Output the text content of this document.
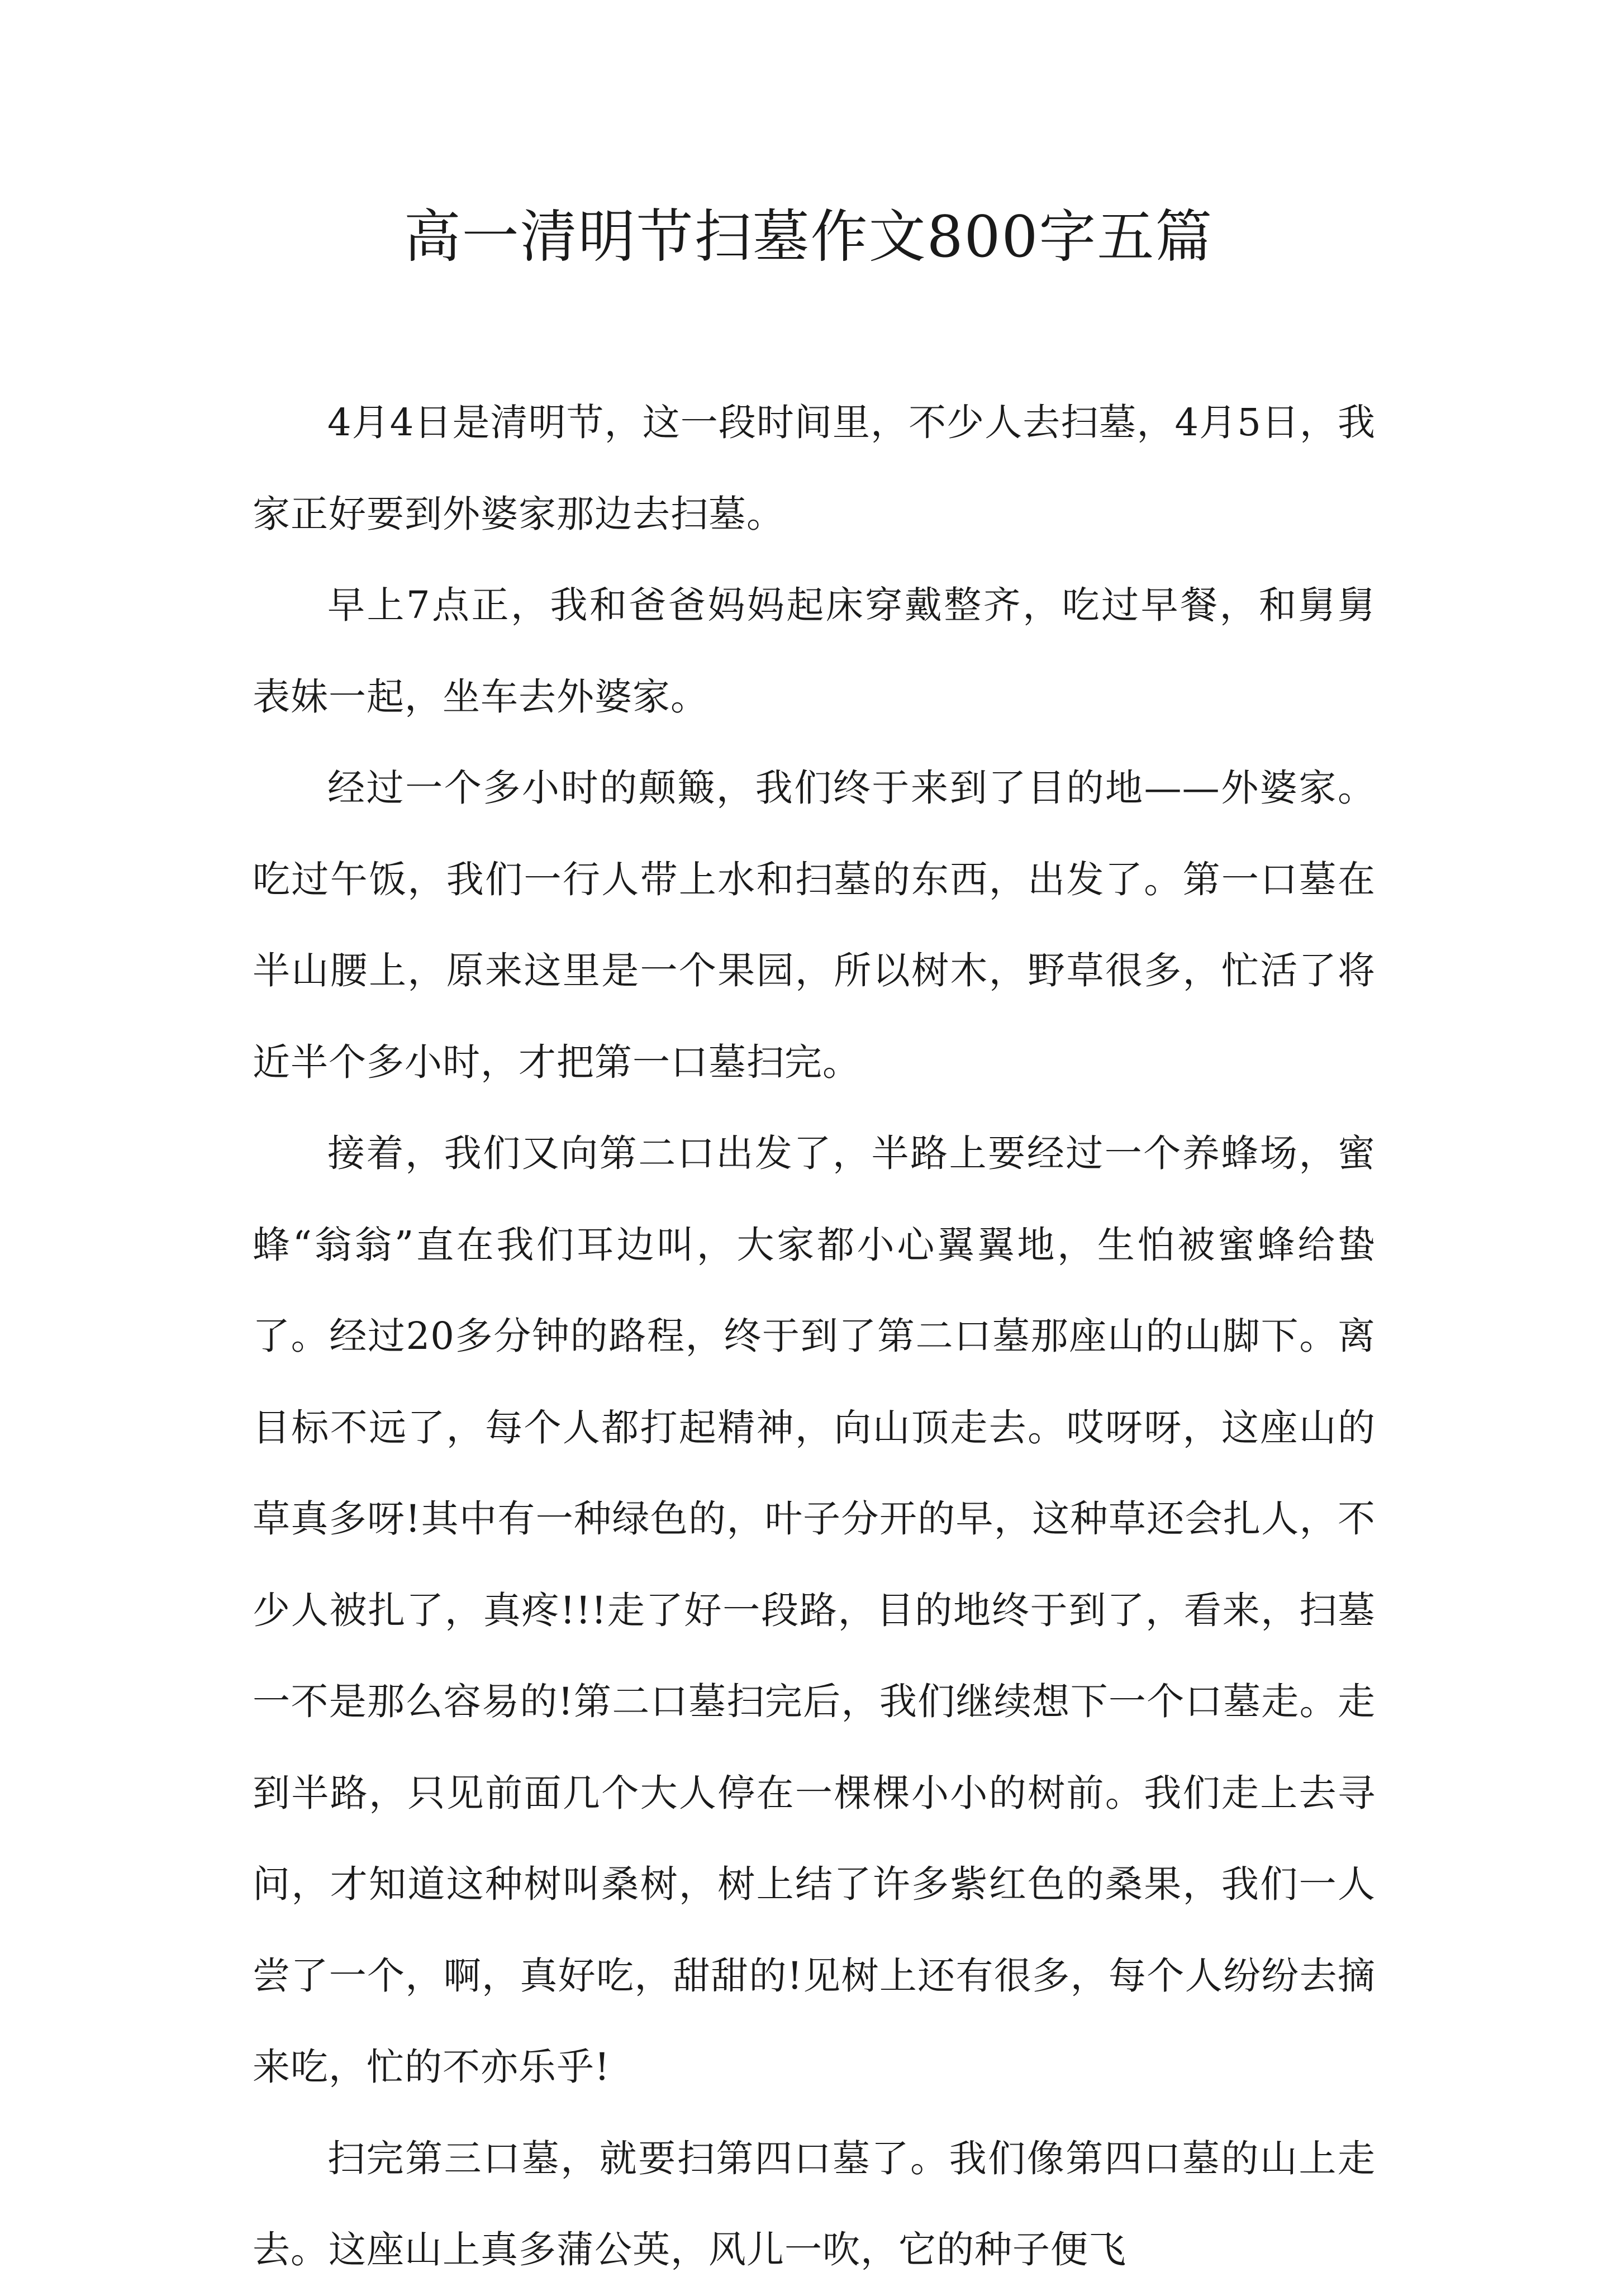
高一清明节扫墓作文800字五篇

4月4日是清明节，这一段时间里，不少人去扫墓，4月5日，我家正好要到外婆家那边去扫墓。

早上7点正，我和爸爸妈妈起床穿戴整齐，吃过早餐，和舅舅表妹一起，坐车去外婆家。

经过一个多小时的颠簸，我们终于来到了目的地——外婆家。吃过午饭，我们一行人带上水和扫墓的东西，出发了。第一口墓在半山腰上，原来这里是一个果园，所以树木，野草很多，忙活了将近半个多小时，才把第一口墓扫完。

接着，我们又向第二口出发了，半路上要经过一个养蜂场，蜜蜂“翁翁”直在我们耳边叫，大家都小心翼翼地，生怕被蜜蜂给蛰了。经过20多分钟的路程，终于到了第二口墓那座山的山脚下。离目标不远了，每个人都打起精神，向山顶走去。哎呀呀，这座山的草真多呀!其中有一种绿色的，叶子分开的早，这种草还会扎人，不少人被扎了，真疼!!!走了好一段路，目的地终于到了，看来，扫墓一不是那么容易的!第二口墓扫完后，我们继续想下一个口墓走。走到半路，只见前面几个大人停在一棵棵小小的树前。我们走上去寻问，才知道这种树叫桑树，树上结了许多紫红色的桑果，我们一人尝了一个，啊，真好吃，甜甜的!见树上还有很多，每个人纷纷去摘来吃，忙的不亦乐乎!

扫完第三口墓，就要扫第四口墓了。我们像第四口墓的山上走去。这座山上真多蒲公英，风儿一吹，它的种子便飞
